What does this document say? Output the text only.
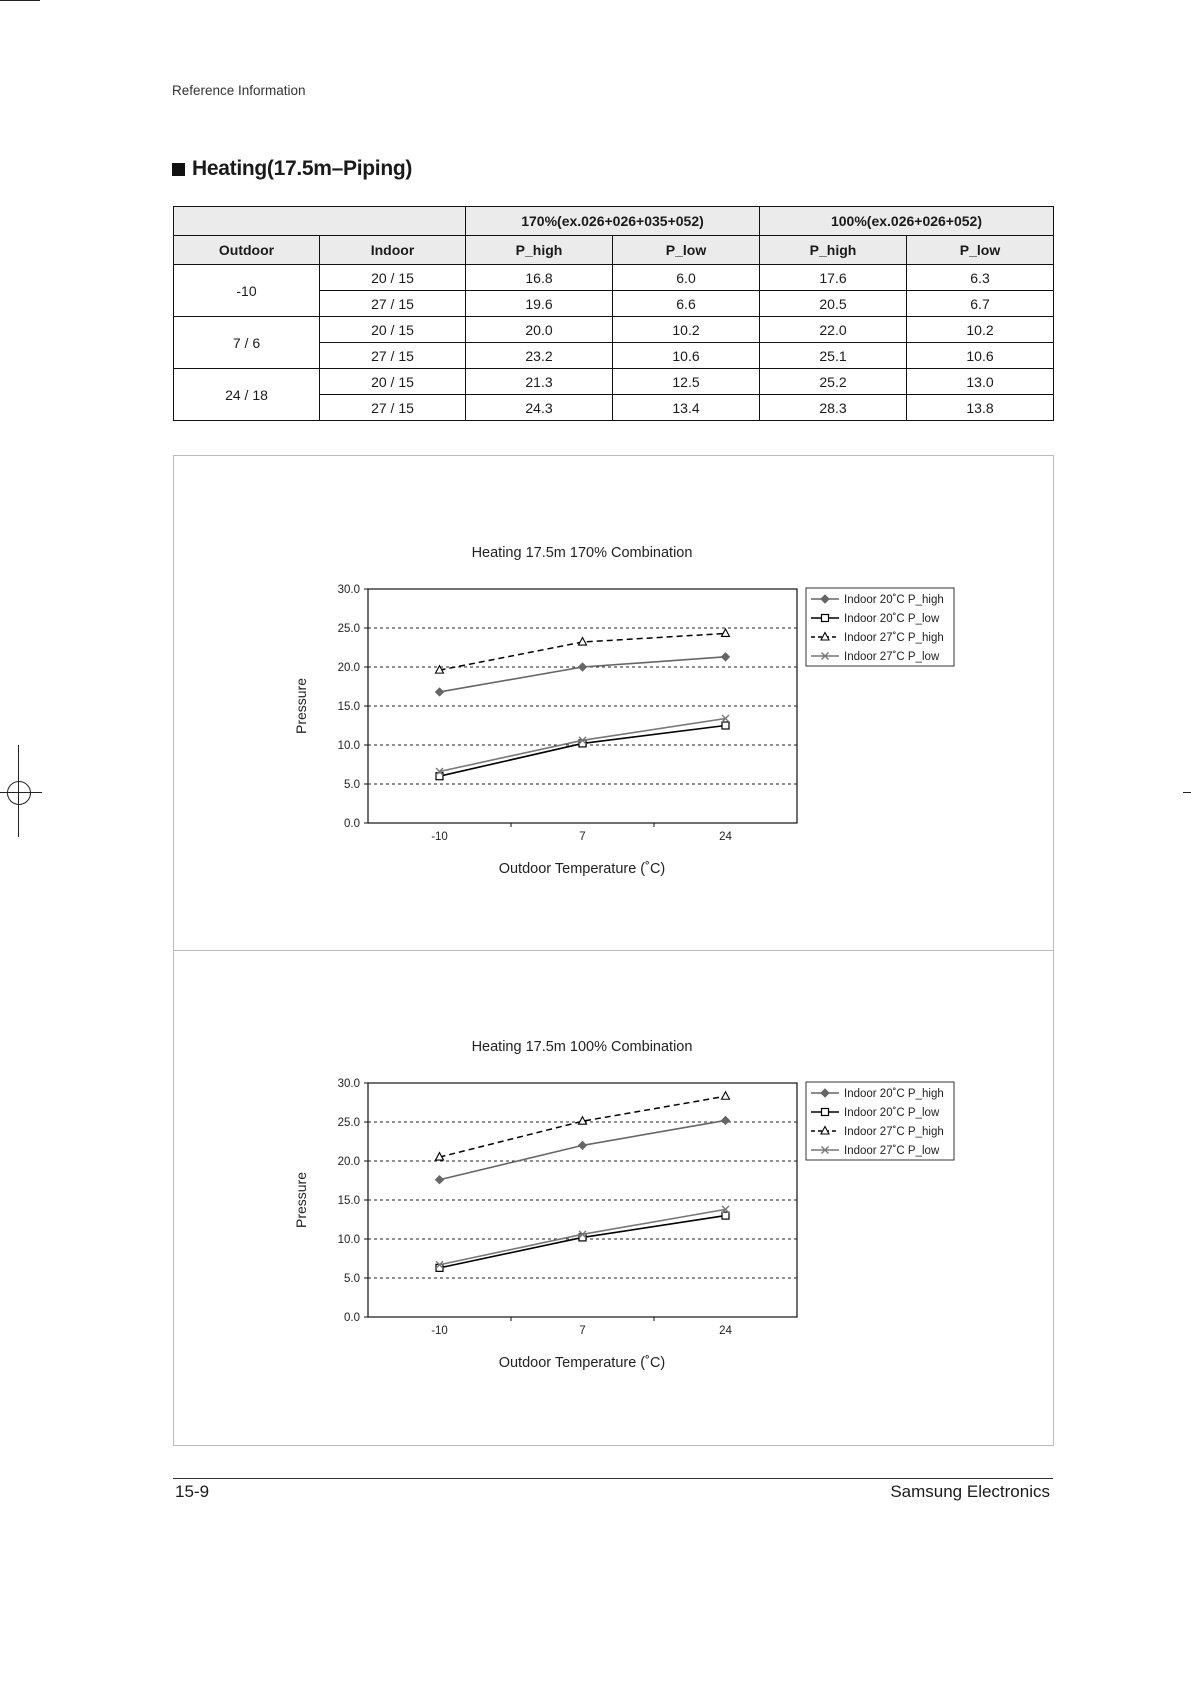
Reference Information
Heating(17.5m–Piping)
		170%(ex.026+026+035+052)		100%(ex.026+026+052)	
Outdoor	Indoor	P_high	P_low	P_high	P_low
-10	20 / 15	16.8	6.0	17.6	6.3
	27 / 15	19.6	6.6	20.5	6.7
7 / 6	20 / 15	20.0	10.2	22.0	10.2
	27 / 15	23.2	10.6	25.1	10.6
24 / 18	20 / 15	21.3	12.5	25.2	13.0
	27 / 15	24.3	13.4	28.3	13.8
Heating 17.5m 170% Combination
0.0
5.0
10.0
15.0
20.0
25.0
30.0
-10	7	24
Outdoor Temperature (˚C)
Pressure
Indoor 20˚C P_high
Indoor 20˚C P_low
Indoor 27˚C P_high
Indoor 27˚C P_low
Heating 17.5m 100% Combination
0.0
5.0
10.0
15.0
20.0
25.0
30.0
-10	7	24
Outdoor Temperature (˚C)
Pressure
Indoor 20˚C P_high
Indoor 20˚C P_low
Indoor 27˚C P_high
Indoor 27˚C P_low
15-9	Samsung Electronics
